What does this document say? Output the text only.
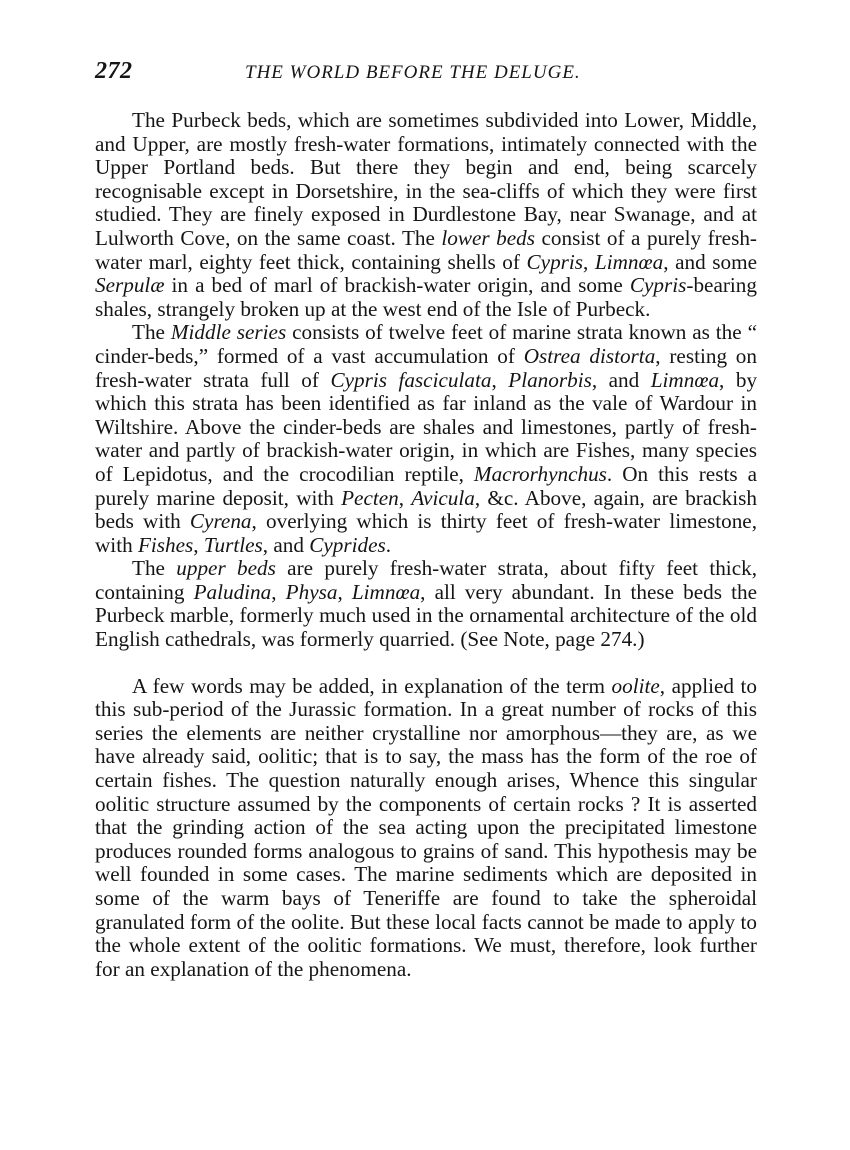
272	THE WORLD BEFORE THE DELUGE.

The Purbeck beds, which are sometimes subdivided into Lower, Middle, and Upper, are mostly fresh-water formations, intimately connected with the Upper Portland beds. But there they begin and end, being scarcely recognisable except in Dorsetshire, in the sea-cliffs of which they were first studied. They are finely exposed in Durdlestone Bay, near Swanage, and at Lulworth Cove, on the same coast. The lower beds consist of a purely fresh-water marl, eighty feet thick, containing shells of Cypris, Limnœa, and some Serpulæ in a bed of marl of brackish-water origin, and some Cypris-bearing shales, strangely broken up at the west end of the Isle of Purbeck.

The Middle series consists of twelve feet of marine strata known as the “ cinder-beds,” formed of a vast accumulation of Ostrea distorta, resting on fresh-water strata full of Cypris fasciculata, Planorbis, and Limnœa, by which this strata has been identified as far inland as the vale of Wardour in Wiltshire. Above the cinder-beds are shales and limestones, partly of fresh-water and partly of brackish-water origin, in which are Fishes, many species of Lepidotus, and the crocodilian reptile, Macrorhynchus. On this rests a purely marine deposit, with Pecten, Avicula, &c. Above, again, are brackish beds with Cyrena, overlying which is thirty feet of fresh-water limestone, with Fishes, Turtles, and Cyprides.

The upper beds are purely fresh-water strata, about fifty feet thick, containing Paludina, Physa, Limnœa, all very abundant. In these beds the Purbeck marble, formerly much used in the ornamental architecture of the old English cathedrals, was formerly quarried. (See Note, page 274.)

A few words may be added, in explanation of the term oolite, applied to this sub-period of the Jurassic formation. In a great number of rocks of this series the elements are neither crystalline nor amorphous—they are, as we have already said, oolitic; that is to say, the mass has the form of the roe of certain fishes. The question naturally enough arises, Whence this singular oolitic structure assumed by the components of certain rocks ? It is asserted that the grinding action of the sea acting upon the precipitated limestone produces rounded forms analogous to grains of sand. This hypothesis may be well founded in some cases. The marine sediments which are deposited in some of the warm bays of Teneriffe are found to take the spheroidal granulated form of the oolite. But these local facts cannot be made to apply to the whole extent of the oolitic formations. We must, therefore, look further for an explanation of the phenomena.
